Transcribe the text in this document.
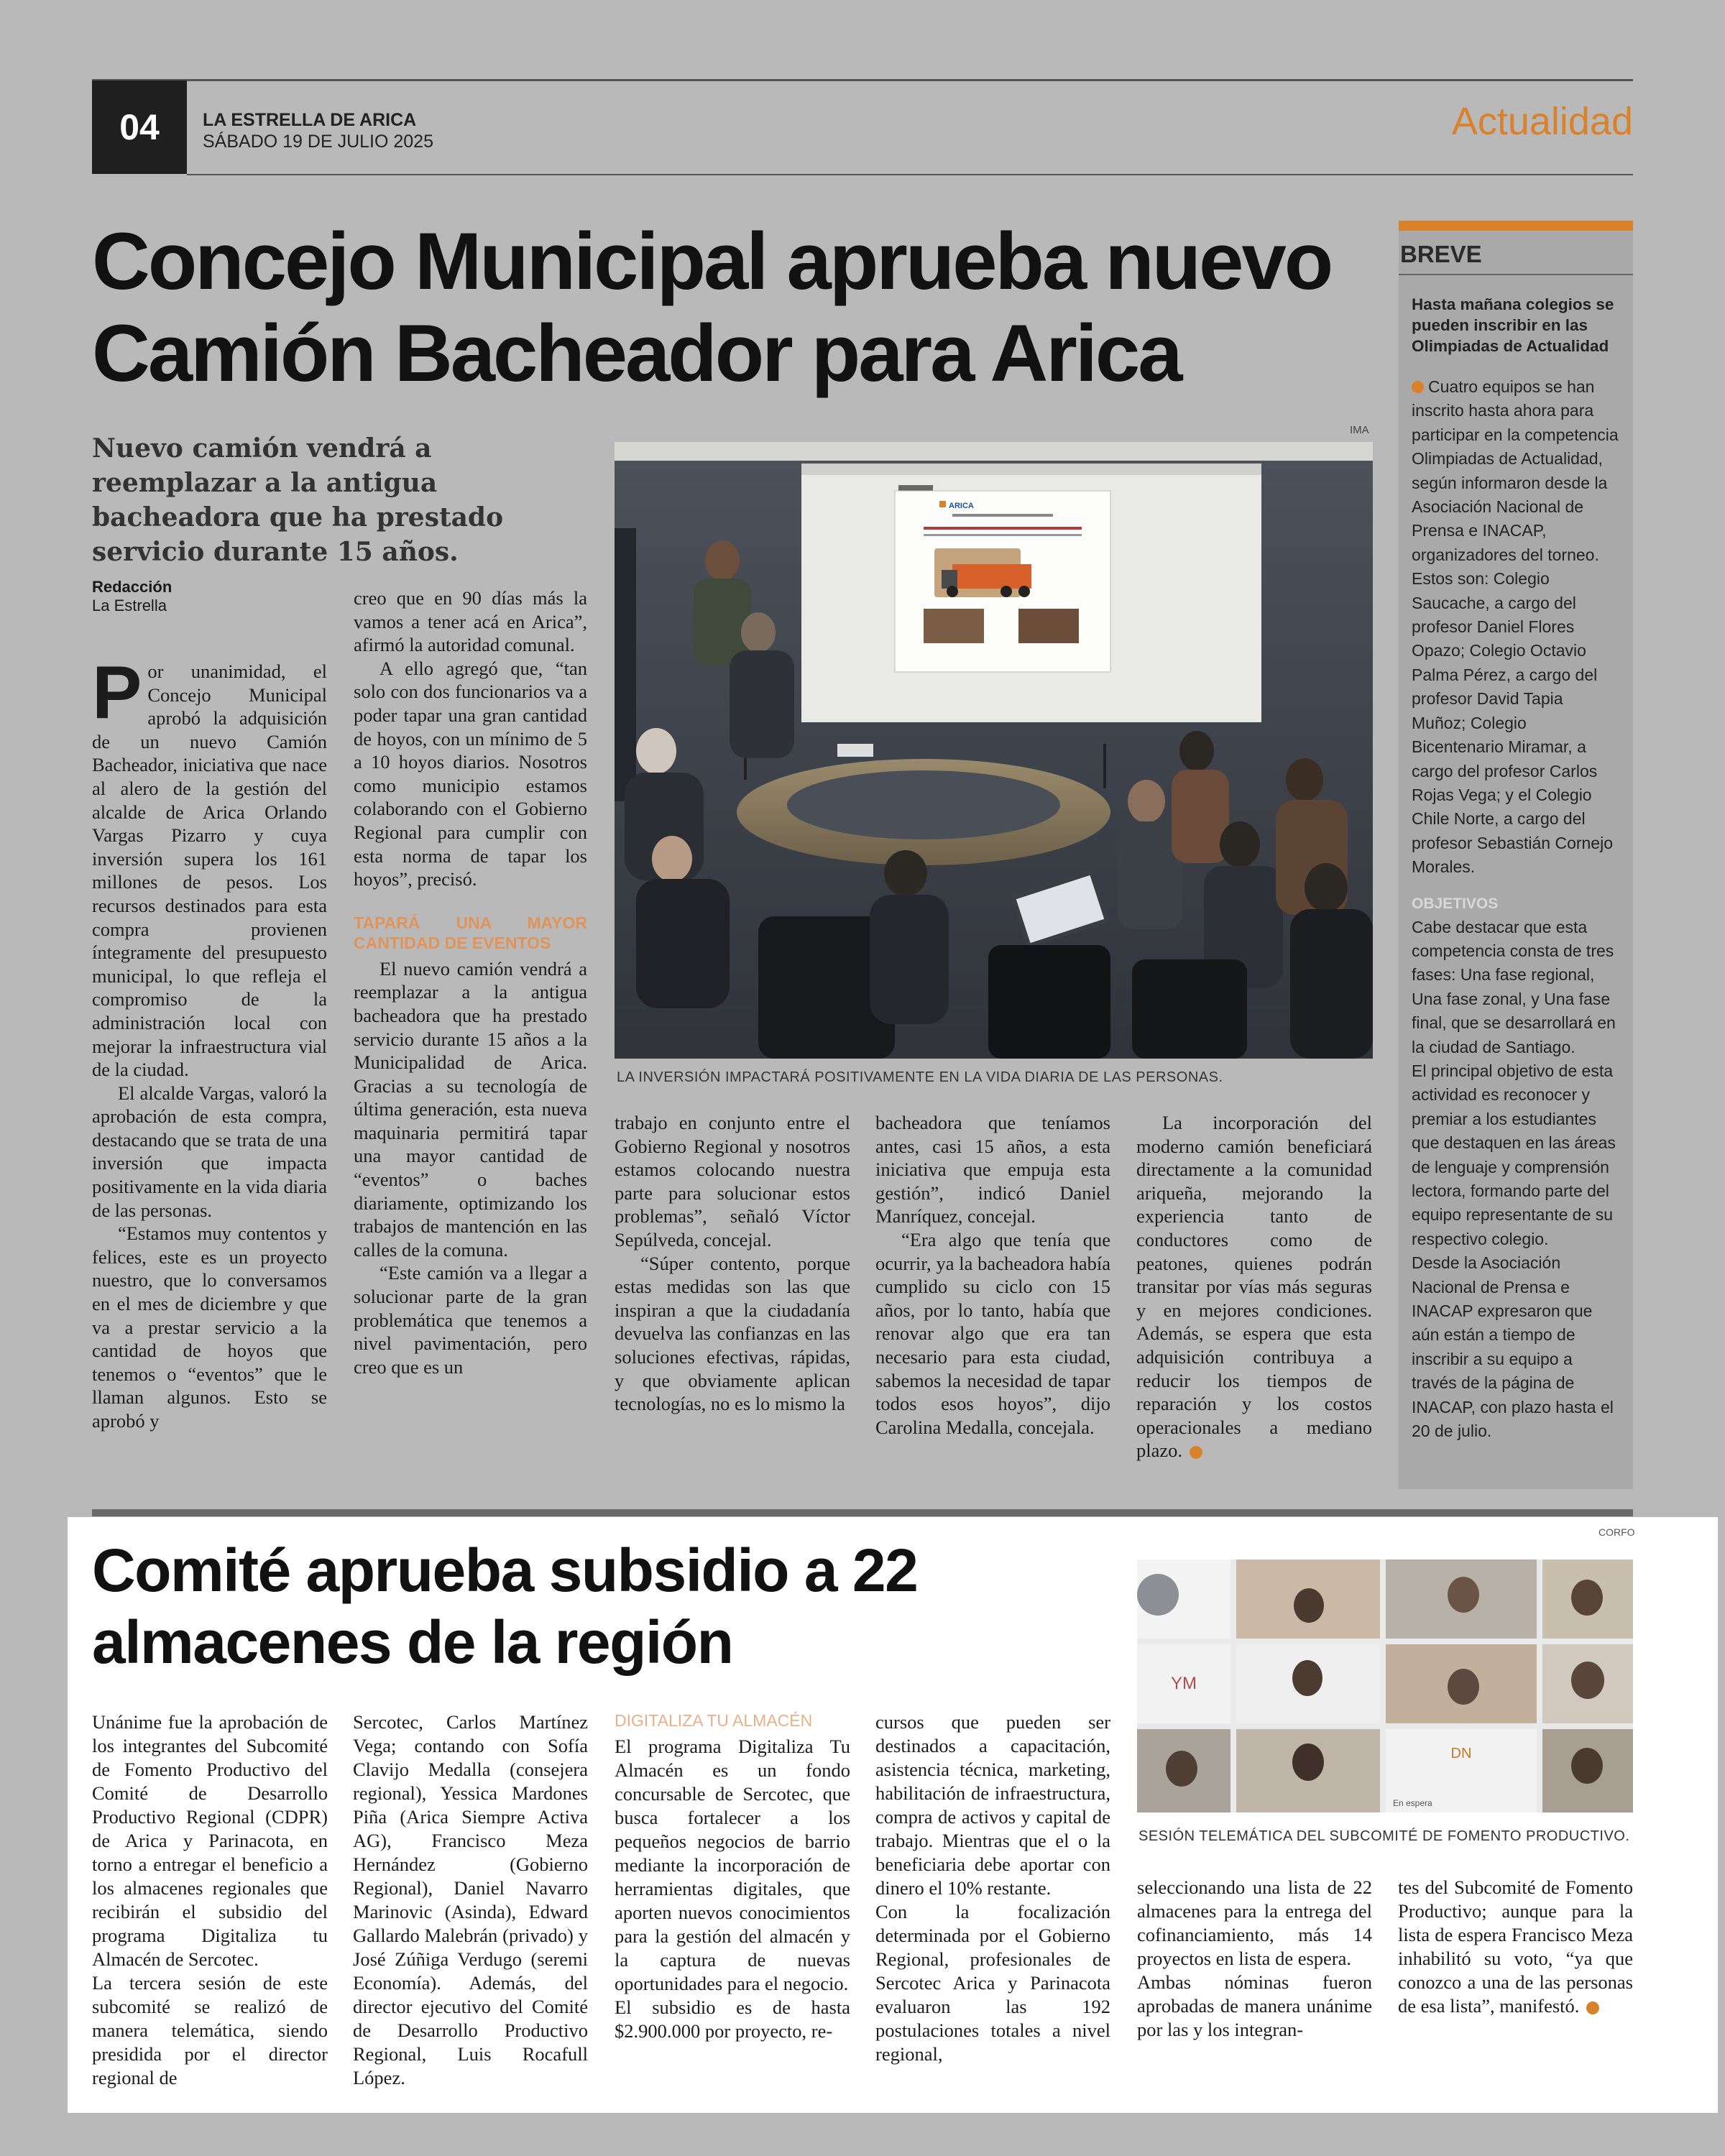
04	LA ESTRELLA DE ARICA
SÁBADO 19 DE JULIO 2025	Actualidad
Concejo Municipal aprueba nuevo Camión Bacheador para Arica
Nuevo camión vendrá a reemplazar a la antigua bacheadora que ha prestado servicio durante 15 años.
Redacción
La Estrella
IMA
ARICA
LA INVERSIÓN IMPACTARÁ POSITIVAMENTE EN LA VIDA DIARIA DE LAS PERSONAS.

Por unanimidad, el Concejo Municipal aprobó la adquisición de un nuevo Camión Bacheador, iniciativa que nace al alero de la gestión del alcalde de Arica Orlando Vargas Pizarro y cuya inversión supera los 161 millones de pesos. Los recursos destinados para esta compra provienen íntegramente del presupuesto municipal, lo que refleja el compromiso de la administración local con mejorar la infraestructura vial de la ciudad.

El alcalde Vargas, valoró la aprobación de esta compra, destacando que se trata de una inversión que impacta positivamente en la vida diaria de las personas.

“Estamos muy contentos y felices, este es un proyecto nuestro, que lo conversamos en el mes de diciembre y que va a prestar servicio a la cantidad de hoyos que tenemos o “eventos” que le llaman algunos. Esto se aprobó y

creo que en 90 días más la vamos a tener acá en Arica”, afirmó la autoridad comunal.

A ello agregó que, “tan solo con dos funcionarios va a poder tapar una gran cantidad de hoyos, con un mínimo de 5 a 10 hoyos diarios. Nosotros como municipio estamos colaborando con el Gobierno Regional para cumplir con esta norma de tapar los hoyos”, precisó.

TAPARÁ UNA MAYOR CANTIDAD DE EVENTOS

El nuevo camión vendrá a reemplazar a la antigua bacheadora que ha prestado servicio durante 15 años a la Municipalidad de Arica. Gracias a su tecnología de última generación, esta nueva maquinaria permitirá tapar una mayor cantidad de “eventos” o baches diariamente, optimizando los trabajos de mantención en las calles de la comuna.

“Este camión va a llegar a solucionar parte de la gran problemática que tenemos a nivel pavimentación, pero creo que es un

trabajo en conjunto entre el Gobierno Regional y nosotros estamos colocando nuestra parte para solucionar estos problemas”, señaló Víctor Sepúlveda, concejal.

“Súper contento, porque estas medidas son las que inspiran a que la ciudadanía devuelva las confianzas en las soluciones efectivas, rápidas, y que obviamente aplican tecnologías, no es lo mismo la

bacheadora que teníamos antes, casi 15 años, a esta iniciativa que empuja esta gestión”, indicó Daniel Manríquez, concejal.

“Era algo que tenía que ocurrir, ya la bacheadora había cumplido su ciclo con 15 años, por lo tanto, había que renovar algo que era tan necesario para esta ciudad, sabemos la necesidad de tapar todos esos hoyos”, dijo Carolina Medalla, concejala.

La incorporación del moderno camión beneficiará directamente a la comunidad ariqueña, mejorando la experiencia tanto de conductores como de peatones, quienes podrán transitar por vías más seguras y en mejores condiciones. Además, se espera que esta adquisición contribuya a reducir los tiempos de reparación y los costos operacionales a mediano plazo.

BREVE
Hasta mañana colegios se pueden inscribir en las Olimpiadas de Actualidad
Cuatro equipos se han inscrito hasta ahora para participar en la competencia Olimpiadas de Actualidad, según informaron desde la Asociación Nacional de Prensa e INACAP, organizadores del torneo. Estos son: Colegio Saucache, a cargo del profesor Daniel Flores Opazo; Colegio Octavio Palma Pérez, a cargo del profesor David Tapia Muñoz; Colegio Bicentenario Miramar, a cargo del profesor Carlos Rojas Vega; y el Colegio Chile Norte, a cargo del profesor Sebastián Cornejo Morales.
OBJETIVOS
Cabe destacar que esta competencia consta de tres fases: Una fase regional, Una fase zonal, y Una fase final, que se desarrollará en la ciudad de Santiago.
El principal objetivo de esta actividad es reconocer y premiar a los estudiantes que destaquen en las áreas de lenguaje y comprensión lectora, formando parte del equipo representante de su respectivo colegio.
Desde la Asociación Nacional de Prensa e INACAP expresaron que aún están a tiempo de inscribir a su equipo a través de la página de INACAP, con plazo hasta el 20 de julio.
Comité aprueba subsidio a 22 almacenes de la región
CORFO
YM
DN
En espera
SESIÓN TELEMÁTICA DEL SUBCOMITÉ DE FOMENTO PRODUCTIVO.

Unánime fue la aprobación de los integrantes del Subcomité de Fomento Productivo del Comité de Desarrollo Productivo Regional (CDPR) de Arica y Parinacota, en torno a entregar el beneficio a los almacenes regionales que recibirán el subsidio del programa Digitaliza tu Almacén de Sercotec.

La tercera sesión de este subcomité se realizó de manera telemática, siendo presidida por el director regional de

Sercotec, Carlos Martínez Vega; contando con Sofía Clavijo Medalla (consejera regional), Yessica Mardones Piña (Arica Siempre Activa AG), Francisco Meza Hernández (Gobierno Regional), Daniel Navarro Marinovic (Asinda), Edward Gallardo Malebrán (privado) y José Zúñiga Verdugo (seremi Economía). Además, del director ejecutivo del Comité de Desarrollo Productivo Regional, Luis Rocafull López.

DIGITALIZA TU ALMACÉN

El programa Digitaliza Tu Almacén es un fondo concursable de Sercotec, que busca fortalecer a los pequeños negocios de barrio mediante la incorporación de herramientas digitales, que aporten nuevos conocimientos para la gestión del almacén y la captura de nuevas oportunidades para el negocio.

El subsidio es de hasta $2.900.000 por proyecto, re-

cursos que pueden ser destinados a capacitación, asistencia técnica, marketing, habilitación de infraestructura, compra de activos y capital de trabajo. Mientras que el o la beneficiaria debe aportar con dinero el 10% restante.

Con la focalización determinada por el Gobierno Regional, profesionales de Sercotec Arica y Parinacota evaluaron las 192 postulaciones totales a nivel regional,

seleccionando una lista de 22 almacenes para la entrega del cofinanciamiento, más 14 proyectos en lista de espera.

Ambas nóminas fueron aprobadas de manera unánime por las y los integran-

tes del Subcomité de Fomento Productivo; aunque para la lista de espera Francisco Meza inhabilitó su voto, “ya que conozco a una de las personas de esa lista”, manifestó.
